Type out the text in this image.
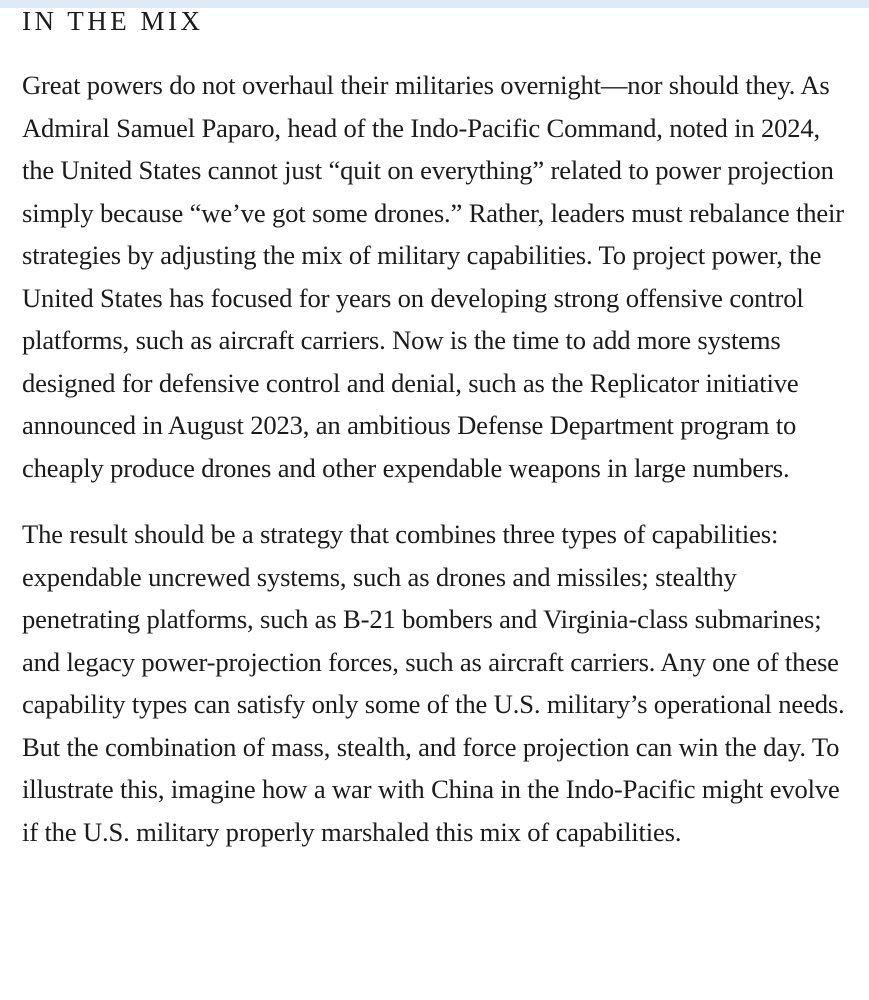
IN THE MIX

Great powers do not overhaul their militaries overnight—nor should they. As Admiral Samuel Paparo, head of the Indo-Pacific Command, noted in 2024, the United States cannot just “quit on everything” related to power projection simply because “we’ve got some drones.” Rather, leaders must rebalance their strategies by adjusting the mix of military capabilities. To project power, the United States has focused for years on developing strong offensive control platforms, such as aircraft carriers. Now is the time to add more systems designed for defensive control and denial, such as the Replicator initiative announced in August 2023, an ambitious Defense Department program to cheaply produce drones and other expendable weapons in large numbers.

The result should be a strategy that combines three types of capabilities: expendable uncrewed systems, such as drones and missiles; stealthy penetrating platforms, such as B-21 bombers and Virginia-class submarines; and legacy power-projection forces, such as aircraft carriers. Any one of these capability types can satisfy only some of the U.S. military’s operational needs. But the combination of mass, stealth, and force projection can win the day. To illustrate this, imagine how a war with China in the Indo-Pacific might evolve if the U.S. military properly marshaled this mix of capabilities.
